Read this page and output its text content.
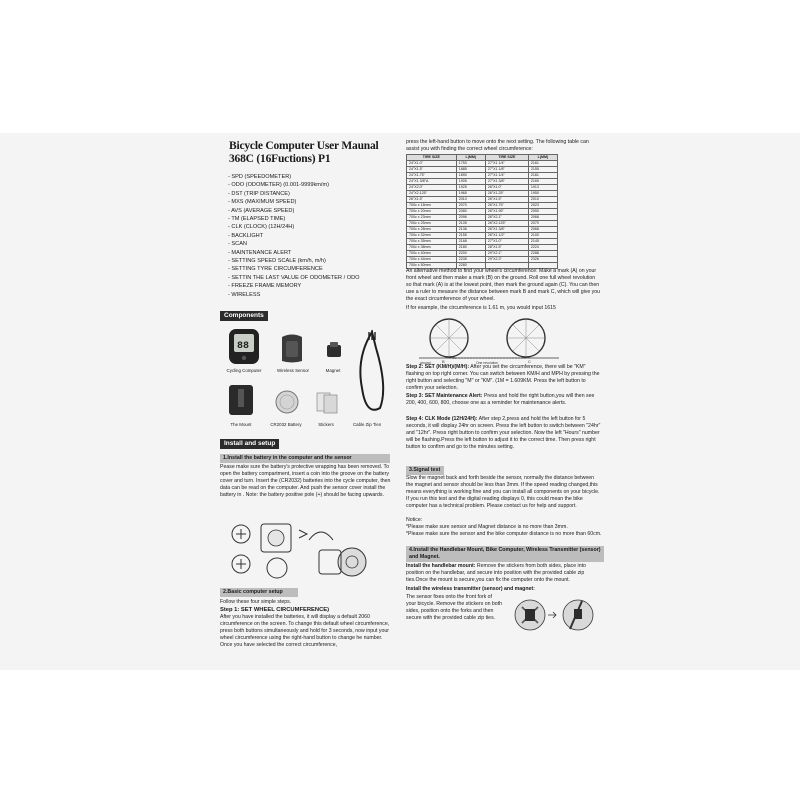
Bicycle Computer User Maunal
368C (16Fuctions) P1
- SPD (SPEEDOMETER)
- ODO (ODOMETER) (0.001-9999km/m)
- DST (TRIP DISTANCE)
- MXS (MAXIMUM SPEED)
- AVS (AVERAGE SPEED)
- TM (ELAPSED TIME)
- CLK (CLOCK) (12H/24H)
- BACKLIGHT
- SCAN
- MAINTENANCE ALERT
- SETTING SPEED SCALE (km/h, m/h)
- SETTING TYRE CIRCUMFERENCE
- SETTIN THE LAST VALUE OF ODOMETER / ODO
- FREEZE FRAME MEMORY
- WIRELESS
Components
88
Cycling Computer	Wireless Sensor	Magnet
The Mount	CR2032 Battery	Stickers	Cable Zip Ties
Install and setup
1.Install the battery in the computer and the sensor
Pease make sure the battery's protective wrapping has been removed. To open the battery compartment, insert a coin into the groove on the battery cover and turn. Insert the (CR2032) batteries into the cycle computer, then data can be read on the computer. And push the sensor cover install the battery in . Note: the battery positive pole (+) should be facing upwards.
2.Basic computer setup
Follow these four simple steps.
Step 1: SET WHEEL CIRCUMFERENCE)
After you have installed the batteries, it will display a default 2060 circumference on the screen. To change this default wheel circumference, press both buttons simultaneously and hold for 3 seconds, now input your wheel circumference using the right-hand button to change he number. Once you have selected the correct circumference,
press the left-hand button to move onto the next setting. The following table can assist you with finding the correct wheel circumference:
TIRE SIZE	L(MM)	TIRE SIZE	L(MM)
24"X1.0"	1753	27"X1 1/4"	2161
24"X1.5"	1885	27"X1 1/8"	2155
24"X1.75"	1890	27"X1 1/4"	2161
24"X1 3/8"A	1905	27"X1 3/8"	2169
24"X2.0"	1925	26"X1.0"	1913
24"X2.125"	1965	26"X1.25"	1950
26"X1.5"	2010	26"X1.5"	2010
700c x 18mm	2070	26"X1.75"	2023
700c x 20mm	2080	26"X1.95"	2050
700c x 23mm	2096	26"X2.1"	2068
700c x 25mm	2105	26"X2.125"	2070
700c x 28mm	2136	26"X1 3/8"	2068
700c x 32mm	2155	26"X1 1/2"	2100
700c x 35mm	2168	27"X1.0"	2145
700c x 38mm	2180	28"X1.5"	2224
700c x 40mm	2200	29"X2.1"	2288
700c x 44mm	2235	29"X2.3"	2326
700c x 50mm	2280		
An alternative method to find your wheel's circumference: Make a mark (A) on your front wheel and then make a mark (B) on the ground. Roll one full wheel revolution so that mark (A) is at the lowest point, then mark the ground again (C). You can then use a ruler to measure the distance between mark B and mark C, which will give you the exact circumference of your wheel.
If for example, the circumference is 1.61 m, you would input 1615
B
A
C
ground	One revolution
Step 2: SET (KM/H)/(M/H): After you set the circumference, there will be "KM" flashing on top right corner. You can switch between KM/H and MPH by pressing the right button and selecting "M" or "KM". (1M = 1.609KM. Press the left button to confirm your selection.
Step 3: SET Maintenance Alert: Press and hold the right button,you will then see 200, 400, 600, 800, choose one as a reminder for maintenance alerts.
Step 4: CLK Mode (12H/24H): After step 2,press and hold the left button for 5 seconds, it will display 24hr on screen. Press the left button to switch between "24hr" and "12hr". Press right button to confirm your selection. Now the left "Hours" number will be flashing.Press the left button to adjust it to the correct time. Then press right button to confirm and go to the minutes setting.
3.Signal test
Slow the magnet back and forth beside the sensor, normally the distance between the magnet and sensor should be less than 3mm. If the speed reading changed,this means everything is working fine and you can install all components on your bicycle. If you run this test and the digital reading displays 0, this could mean the bike computer has a technical problem. Please contact us for help and support.
Notice:
*Please make sure sensor and Magnet distance is no more than 3mm.
*Please make sure the sensor and the bike computer distance is no more than 60cm.
4.Install the Handlebar Mount, Bike Computer, Wireless Transmitter (sensor) and Magnet.
Install the handlebar mount: Remove the stickers from both sides, place into position on the handlebar, and secure into position with the provided cable zip ties.Once the mount is secure,you can fix the computer onto the mount.
Install the wireless transmitter (sensor) and magnet:
The sensor fixes onto the front fork of your bicycle. Remove the stickers on both sides, position onto the forks and then secure with the provided cable zip ties.
